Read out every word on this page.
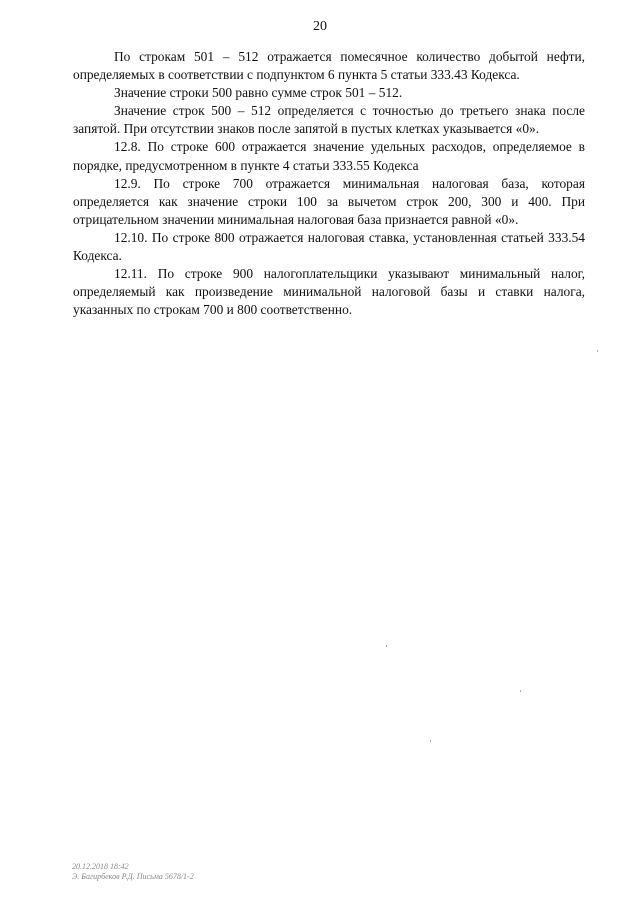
20

По строкам 501 – 512 отражается помесячное количество добытой нефти, определяемых в соответствии с подпунктом 6 пункта 5 статьи 333.43 Кодекса.

Значение строки 500 равно сумме строк 501 – 512.

Значение строк 500 – 512 определяется с точностью до третьего знака после запятой. При отсутствии знаков после запятой в пустых клетках указывается «0».

12.8. По строке 600 отражается значение удельных расходов, определяемое в порядке, предусмотренном в пункте 4 статьи 333.55 Кодекса

12.9. По строке 700 отражается минимальная налоговая база, которая определяется как значение строки 100 за вычетом строк 200, 300 и 400. При отрицательном значении минимальная налоговая база признается равной «0».

12.10. По строке 800 отражается налоговая ставка, установленная статьей 333.54 Кодекса.

12.11. По строке 900 налогоплательщики указывают минимальный налог, определяемый как произведение минимальной налоговой базы и ставки налога, указанных по строкам 700 и 800 соответственно.

20.12.2018 18:42
Э. Багирбеков Р.Д. Письма 5678/1-2
